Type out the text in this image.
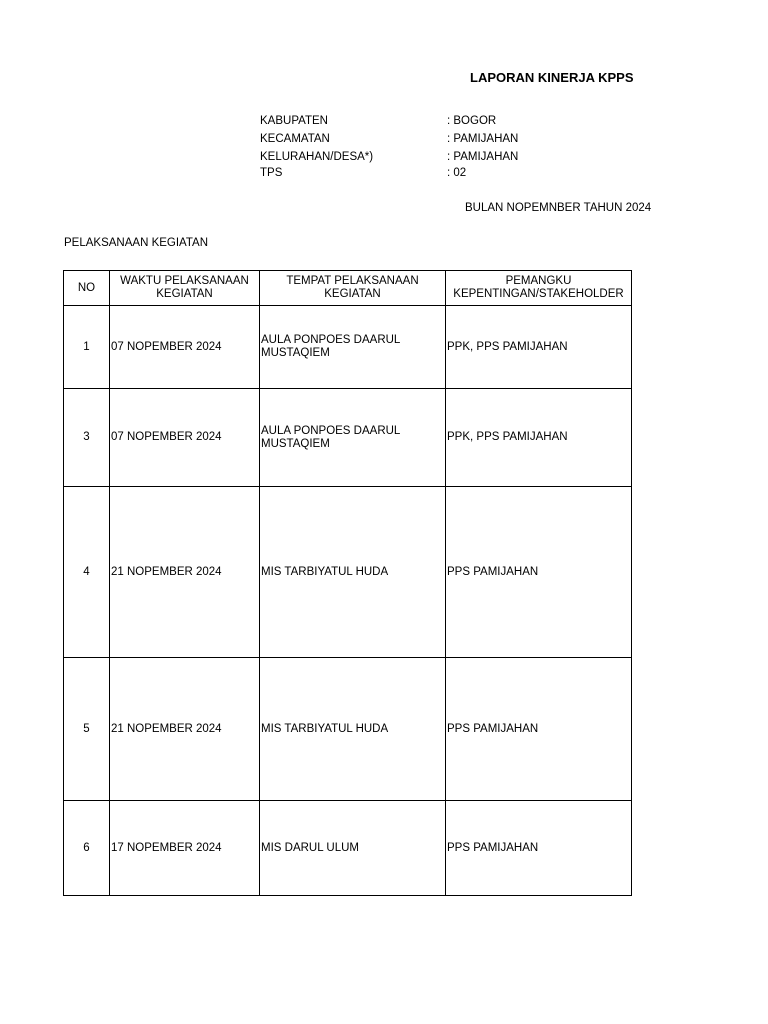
LAPORAN KINERJA KPPS
KABUPATEN	: BOGOR
KECAMATAN	: PAMIJAHAN
KELURAHAN/DESA*)	: PAMIJAHAN
TPS	: 02
BULAN NOPEMNBER TAHUN 2024
PELAKSANAAN KEGIATAN
NO	WAKTU PELAKSANAAN KEGIATAN	TEMPAT PELAKSANAAN KEGIATAN	PEMANGKU KEPENTINGAN/STAKEHOLDER
1	07 NOPEMBER 2024	AULA PONPOES DAARUL MUSTAQIEM	PPK, PPS PAMIJAHAN
3	07 NOPEMBER 2024	AULA PONPOES DAARUL MUSTAQIEM	PPK, PPS PAMIJAHAN
4	21 NOPEMBER 2024	MIS TARBIYATUL HUDA	PPS PAMIJAHAN
5	21 NOPEMBER 2024	MIS TARBIYATUL HUDA	PPS PAMIJAHAN
6	17 NOPEMBER 2024	MIS DARUL ULUM	PPS PAMIJAHAN
